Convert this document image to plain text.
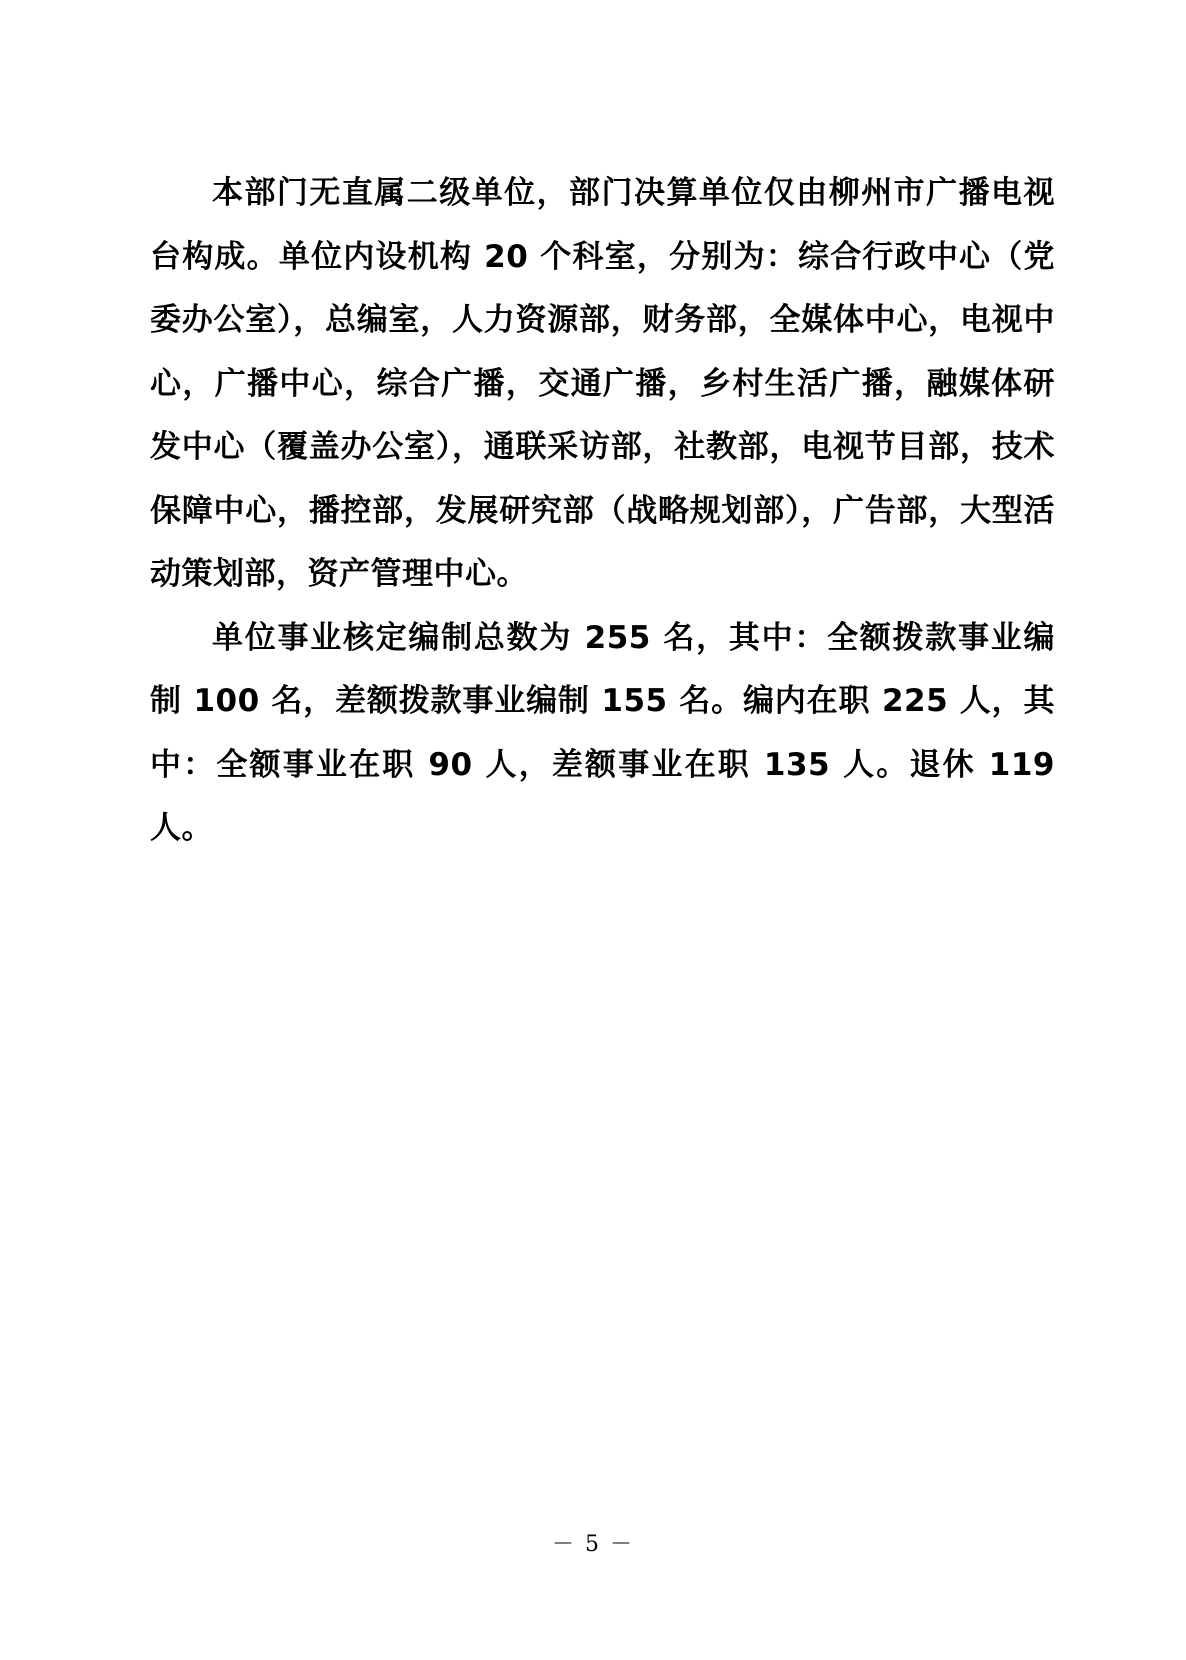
本部门无直属二级单位，部门决算单位仅由柳州市广播电视台构成。单位内设机构 20 个科室，分别为：综合行政中心（党委办公室），总编室，人力资源部，财务部，全媒体中心，电视中心，广播中心，综合广播，交通广播，乡村生活广播，融媒体研发中心（覆盖办公室），通联采访部，社教部，电视节目部，技术保障中心，播控部，发展研究部（战略规划部），广告部，大型活动策划部，资产管理中心。

单位事业核定编制总数为 255 名，其中：全额拨款事业编制 100 名，差额拨款事业编制 155 名。编内在职 225 人，其中：全额事业在职 90 人，差额事业在职 135 人。退休 119 人。

－ 5 －
